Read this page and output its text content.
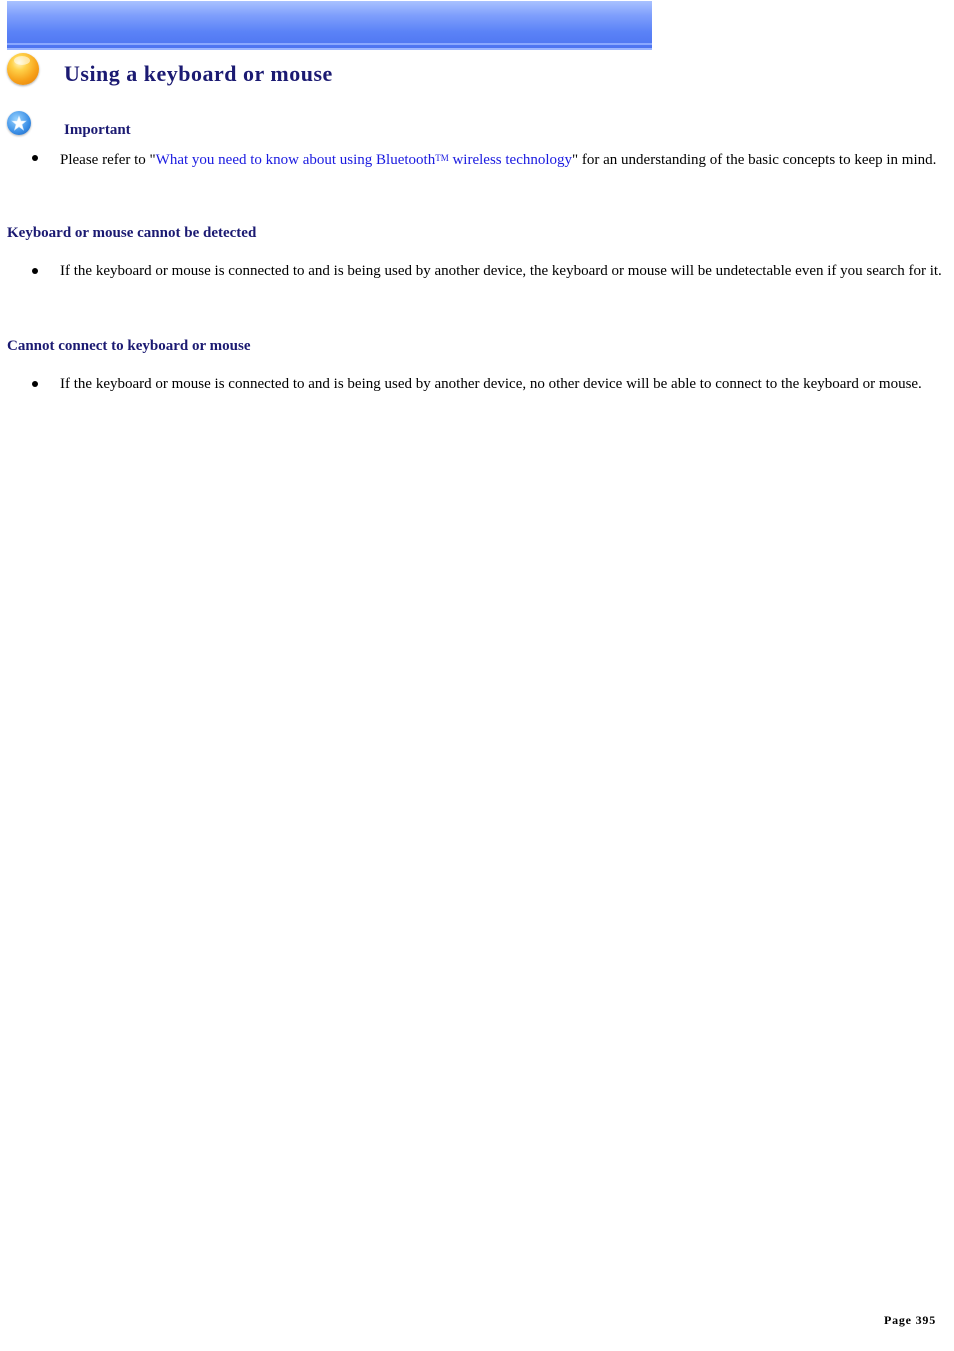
Using a keyboard or mouse
Important
Please refer to "What you need to know about using Bluetooth™ wireless technology" for an understanding of the basic concepts to keep in mind.
Keyboard or mouse cannot be detected
If the keyboard or mouse is connected to and is being used by another device, the keyboard or mouse will be undetectable even if you search for it.
Cannot connect to keyboard or mouse
If the keyboard or mouse is connected to and is being used by another device, no other device will be able to connect to the keyboard or mouse.
Page 395
